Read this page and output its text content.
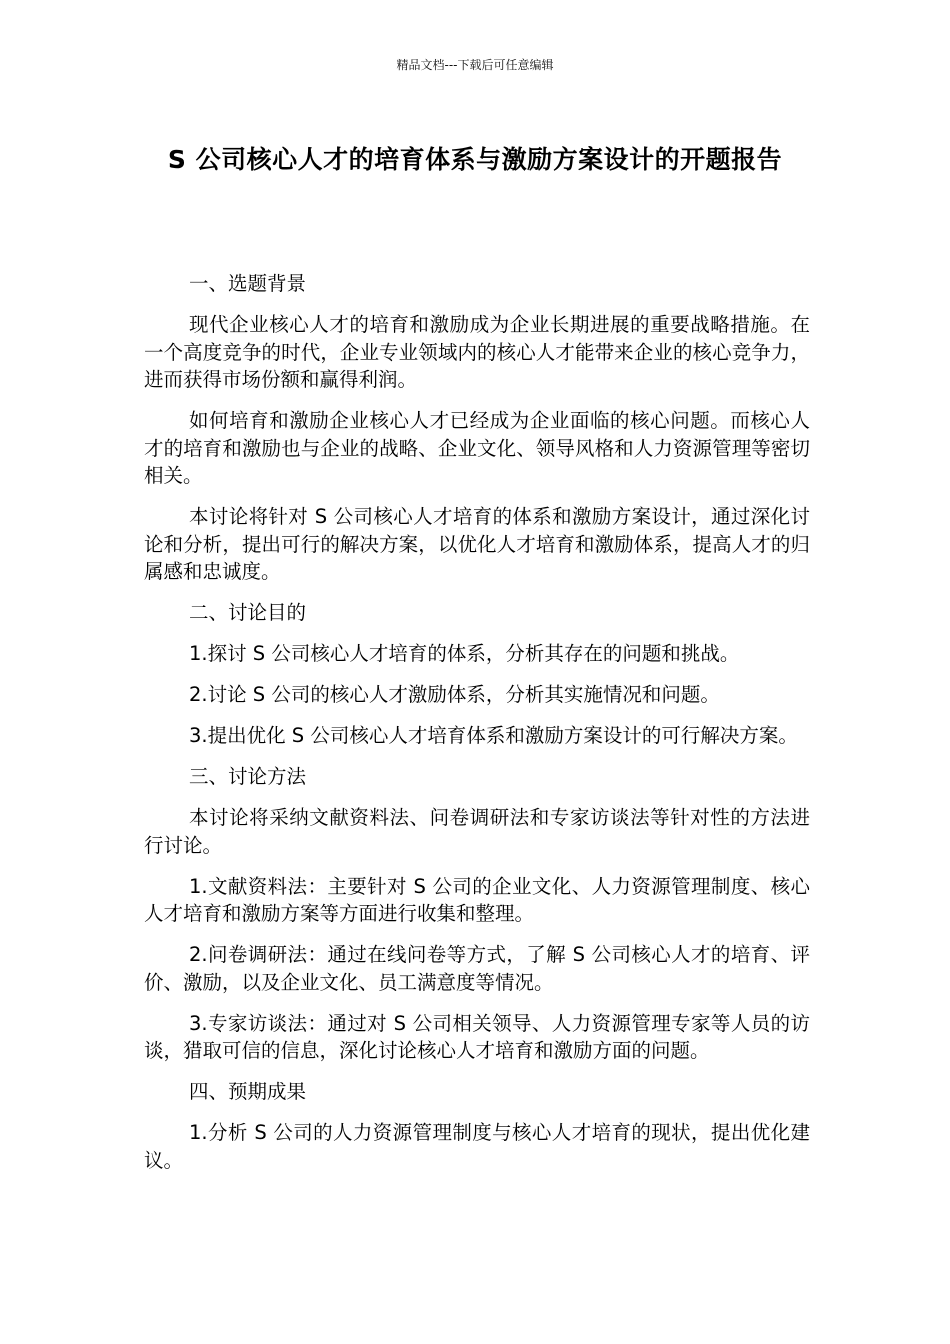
精品文档---下载后可任意编辑
S 公司核心人才的培育体系与激励方案设计的开题报告

一、选题背景

现代企业核心人才的培育和激励成为企业长期进展的重要战略措施。在一个高度竞争的时代，企业专业领域内的核心人才能带来企业的核心竞争力，进而获得市场份额和赢得利润。

如何培育和激励企业核心人才已经成为企业面临的核心问题。而核心人才的培育和激励也与企业的战略、企业文化、领导风格和人力资源管理等密切相关。

本讨论将针对 S 公司核心人才培育的体系和激励方案设计，通过深化讨论和分析，提出可行的解决方案，以优化人才培育和激励体系，提高人才的归属感和忠诚度。

二、讨论目的

1.探讨 S 公司核心人才培育的体系，分析其存在的问题和挑战。

2.讨论 S 公司的核心人才激励体系，分析其实施情况和问题。

3.提出优化 S 公司核心人才培育体系和激励方案设计的可行解决方案。

三、讨论方法

本讨论将采纳文献资料法、问卷调研法和专家访谈法等针对性的方法进行讨论。

1.文献资料法：主要针对 S 公司的企业文化、人力资源管理制度、核心人才培育和激励方案等方面进行收集和整理。

2.问卷调研法：通过在线问卷等方式，了解 S 公司核心人才的培育、评价、激励，以及企业文化、员工满意度等情况。

3.专家访谈法：通过对 S 公司相关领导、人力资源管理专家等人员的访谈，猎取可信的信息，深化讨论核心人才培育和激励方面的问题。

四、预期成果

1.分析 S 公司的人力资源管理制度与核心人才培育的现状，提出优化建议。
